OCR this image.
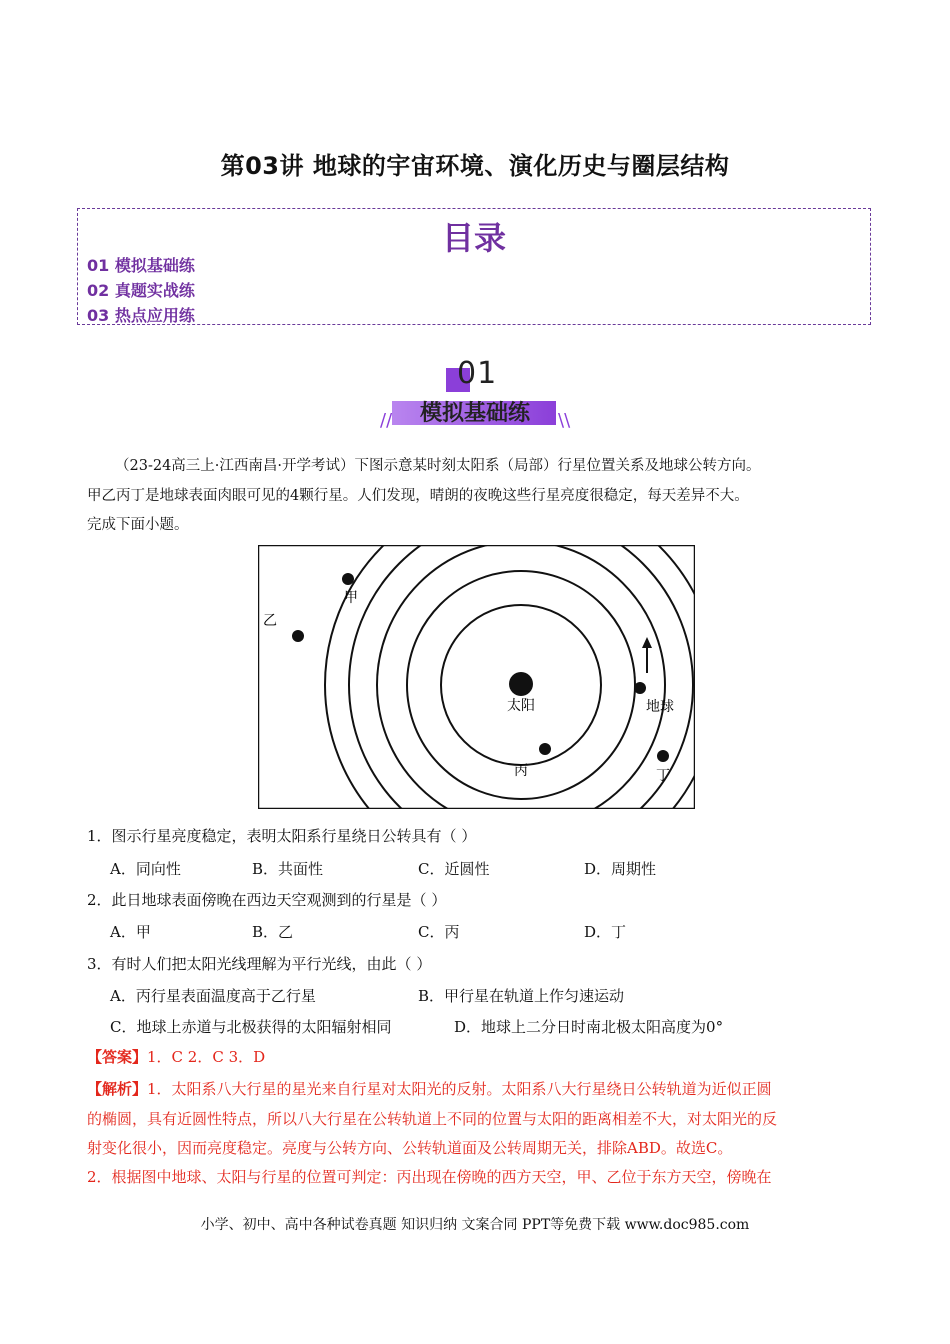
第03讲 地球的宇宙环境、演化历史与圈层结构
目录
01 模拟基础练
02 真题实战练
03 热点应用练
01
//	\\
模拟基础练
（23-24高三上·江西南昌·开学考试）下图示意某时刻太阳系（局部）行星位置关系及地球公转方向。
甲乙丙丁是地球表面肉眼可见的4颗行星。人们发现，晴朗的夜晚这些行星亮度很稳定，每天差异不大。
完成下面小题。
太阳
丙
地球
甲
乙
丁
1．图示行星亮度稳定，表明太阳系行星绕日公转具有（ ）
A．同向性	B．共面性	C．近圆性	D．周期性
2．此日地球表面傍晚在西边天空观测到的行星是（ ）
A．甲	B．乙	C．丙	D．丁
3．有时人们把太阳光线理解为平行光线，由此（ ）
A．丙行星表面温度高于乙行星	B．甲行星在轨道上作匀速运动
C．地球上赤道与北极获得的太阳辐射相同	D．地球上二分日时南北极太阳高度为0°
【答案】1．C 2．C 3．D
【解析】1．太阳系八大行星的星光来自行星对太阳光的反射。太阳系八大行星绕日公转轨道为近似正圆
的椭圆，具有近圆性特点，所以八大行星在公转轨道上不同的位置与太阳的距离相差不大，对太阳光的反
射变化很小，因而亮度稳定。亮度与公转方向、公转轨道面及公转周期无关，排除ABD。故选C。
2．根据图中地球、太阳与行星的位置可判定：丙出现在傍晚的西方天空，甲、乙位于东方天空，傍晚在
小学、初中、高中各种试卷真题 知识归纳 文案合同 PPT等免费下载 www.doc985.com
